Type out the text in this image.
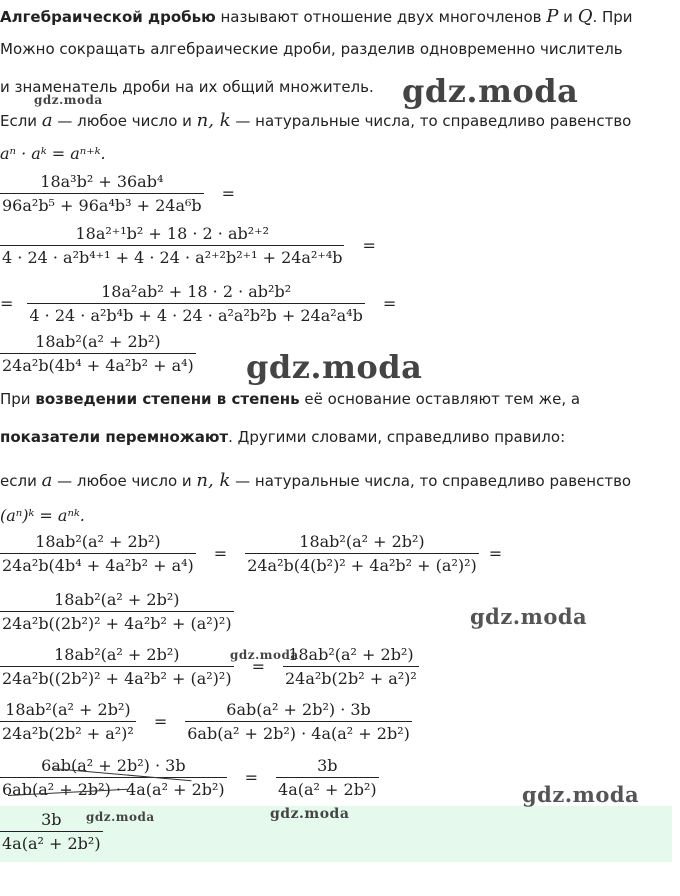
Алгебраической дробью называют отношение двух многочленов P и Q. При
Можно сокращать алгебраические дроби, разделив одновременно числитель
и знаменатель дроби на их общий множитель.
gdz.moda	gdz.moda
Если a — любое число и n, k — натуральные числа, то справедливо равенство
aⁿ · aᵏ = aⁿ⁺ᵏ.
$\frac{\text{18a³b² + 36ab⁴}}{\text{96a²b⁵ + 96a⁴b³ + 24a⁶b}}$ =
$\frac{\text{18a²⁺¹b² + 18 · 2 · ab²⁺²}}{\text{4 · 24 · a²b⁴⁺¹ + 4 · 24 · a²⁺²b²⁺¹ + 24a²⁺⁴b}}$ =
= $\frac{\text{18a²ab² + 18 · 2 · ab²b²}}{\text{4 · 24 · a²b⁴b + 4 · 24 · a²a²b²b + 24a²a⁴b}}$ =
$\frac{\text{18ab²(a² + 2b²)}}{\text{24a²b(4b⁴ + 4a²b² + a⁴)}}$ gdz.moda
При возведении степени в степень её основание оставляют тем же, а
показатели перемножают. Другими словами, справедливо правило:
если a — любое число и n, k — натуральные числа, то справедливо равенство
(aⁿ)ᵏ = aⁿᵏ.
$\frac{\text{18ab²(a² + 2b²)}}{\text{24a²b(4b⁴ + 4a²b² + a⁴)}} = \frac{\text{18ab²(a² + 2b²)}}{\text{24a²b(4(b²)² + 4a²b² + (a²)²)}}$ =
$\frac{\text{18ab²(a² + 2b²)}}{\text{24a²b((2b²)² + 4a²b² + (a²)²)}}$	gdz.moda
$\frac{\text{18ab²(a² + 2b²)}}{\text{24a²b((2b²)² + 4a²b² + (a²)²)}} = \frac{\text{18ab²(a² + 2b²)}}{\text{24a²b(2b² + a²)²}}$
gdz.moda
$\frac{\text{18ab²(a² + 2b²)}}{\text{24a²b(2b² + a²)²}} = \frac{\text{6ab(a² + 2b²) · 3b}}{\text{6ab(a² + 2b²) · 4a(a² + 2b²)}}$
$\frac{\text{6ab(a² + 2b²) · 3b}}{\text{6ab(a² + 2b²) · 4a(a² + 2b²)}} = \frac{3b}{\text{4a(a² + 2b²)}}$	gdz.moda
$\frac{3b}{\text{4a(a² + 2b²)}}$
gdz.moda	gdz.moda
